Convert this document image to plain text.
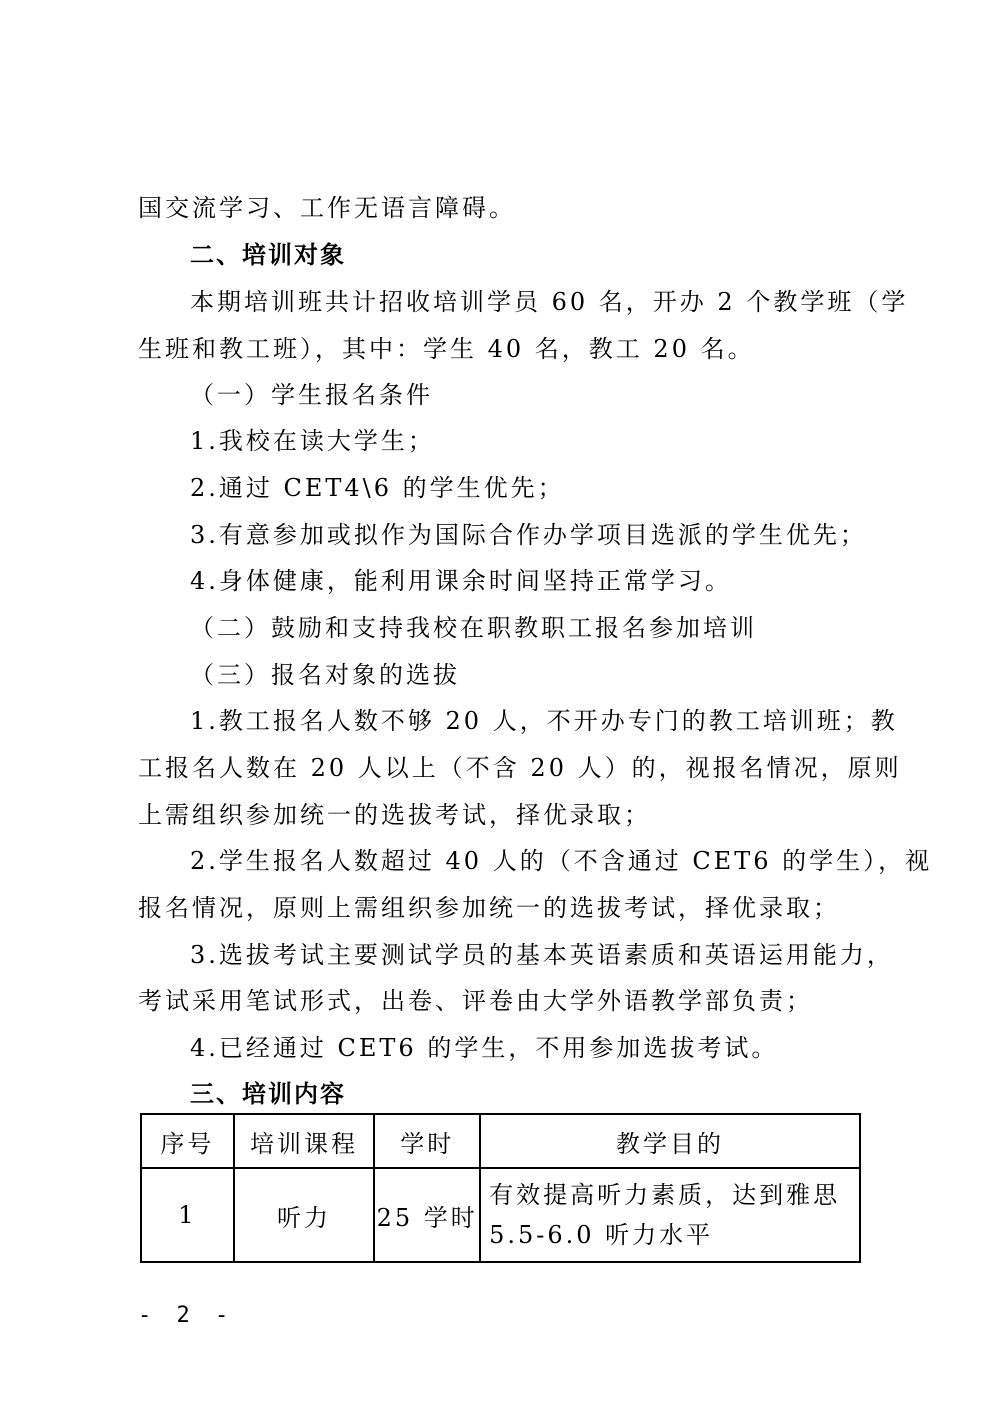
国交流学习、工作无语言障碍。
二、培训对象
本期培训班共计招收培训学员 60 名，开办 2 个教学班（学
生班和教工班），其中：学生 40 名，教工 20 名。
（一）学生报名条件
1.我校在读大学生；
2.通过 CET4\6 的学生优先；
3.有意参加或拟作为国际合作办学项目选派的学生优先；
4.身体健康，能利用课余时间坚持正常学习。
（二）鼓励和支持我校在职教职工报名参加培训
（三）报名对象的选拔
1.教工报名人数不够 20 人，不开办专门的教工培训班；教
工报名人数在 20 人以上（不含 20 人）的，视报名情况，原则
上需组织参加统一的选拔考试，择优录取；
2.学生报名人数超过 40 人的（不含通过 CET6 的学生），视
报名情况，原则上需组织参加统一的选拔考试，择优录取；
3.选拔考试主要测试学员的基本英语素质和英语运用能力，
考试采用笔试形式，出卷、评卷由大学外语教学部负责；
4.已经通过 CET6 的学生，不用参加选拔考试。
三、培训内容
序号	培训课程	学时	教学目的
1	听力	25 学时	有效提高听力素质，达到雅思 5.5-6.0 听力水平
- 2 -
